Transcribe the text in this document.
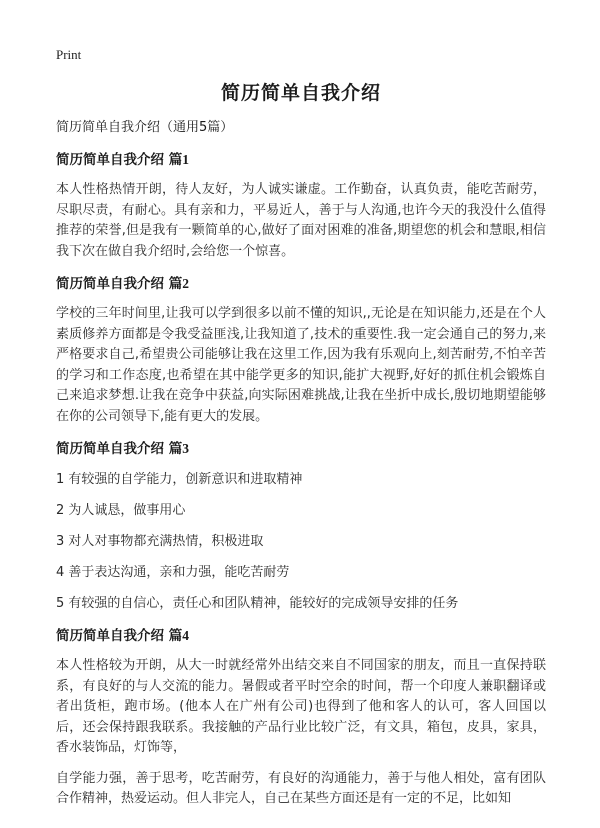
Print
简历简单自我介绍
简历简单自我介绍（通用5篇）
简历简单自我介绍 篇1
本人性格热情开朗，待人友好，为人诚实谦虚。工作勤奋，认真负责，能吃苦耐劳，尽职尽责，有耐心。具有亲和力，平易近人，善于与人沟通,也许今天的我没什么值得推荐的荣誉,但是我有一颗简单的心,做好了面对困难的准备,期望您的机会和慧眼,相信我下次在做自我介绍时,会给您一个惊喜。
简历简单自我介绍 篇2
学校的三年时间里,让我可以学到很多以前不懂的知识,,无论是在知识能力,还是在个人素质修养方面都是令我受益匪浅,让我知道了,技术的重要性.我一定会通自己的努力,来严格要求自己,希望贵公司能够让我在这里工作,因为我有乐观向上,刻苦耐劳,不怕辛苦的学习和工作态度,也希望在其中能学更多的知识,能扩大视野,好好的抓住机会锻炼自己来追求梦想.让我在竞争中获益,向实际困难挑战,让我在坐折中成长,殷切地期望能够在你的公司领导下,能有更大的发展。
简历简单自我介绍 篇3
1 有较强的自学能力，创新意识和进取精神
2 为人诚恳，做事用心
3 对人对事物都充满热情，积极进取
4 善于表达沟通，亲和力强，能吃苦耐劳
5 有较强的自信心，责任心和团队精神，能较好的完成领导安排的任务
简历简单自我介绍 篇4
本人性格较为开朗，从大一时就经常外出结交来自不同国家的朋友，而且一直保持联系，有良好的与人交流的能力。暑假或者平时空余的时间，帮一个印度人兼职翻译或者出货柜，跑市场。(他本人在广州有公司)也得到了他和客人的认可，客人回国以后，还会保持跟我联系。我接触的产品行业比较广泛，有文具，箱包，皮具，家具，香水装饰品，灯饰等，
自学能力强，善于思考，吃苦耐劳，有良好的沟通能力，善于与他人相处，富有团队合作精神，热爱运动。但人非完人，自己在某些方面还是有一定的不足，比如知
